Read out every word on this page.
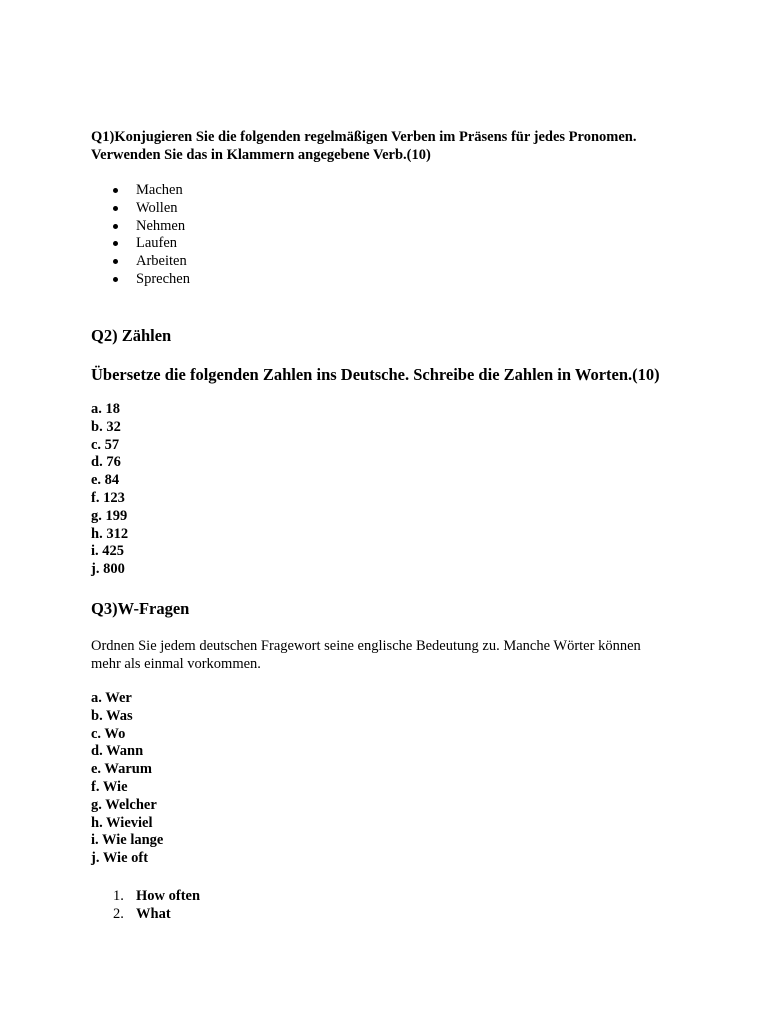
Q1)Konjugieren Sie die folgenden regelmäßigen Verben im Präsens für jedes Pronomen.
Verwenden Sie das in Klammern angegebene Verb.(10)

Machen
Wollen
Nehmen
Laufen
Arbeiten
Sprechen
Q2) Zählen
Übersetze die folgenden Zahlen ins Deutsche. Schreibe die Zahlen in Worten.(10)
a. 18
b. 32
c. 57
d. 76
e. 84
f. 123
g. 199
h. 312
i. 425
j. 800
Q3)W-Fragen

Ordnen Sie jedem deutschen Fragewort seine englische Bedeutung zu. Manche Wörter können
mehr als einmal vorkommen.

a. Wer
b. Was
c. Wo
d. Wann
e. Warum
f. Wie
g. Welcher
h. Wieviel
i. Wie lange
j. Wie oft
1. How often
2. What
